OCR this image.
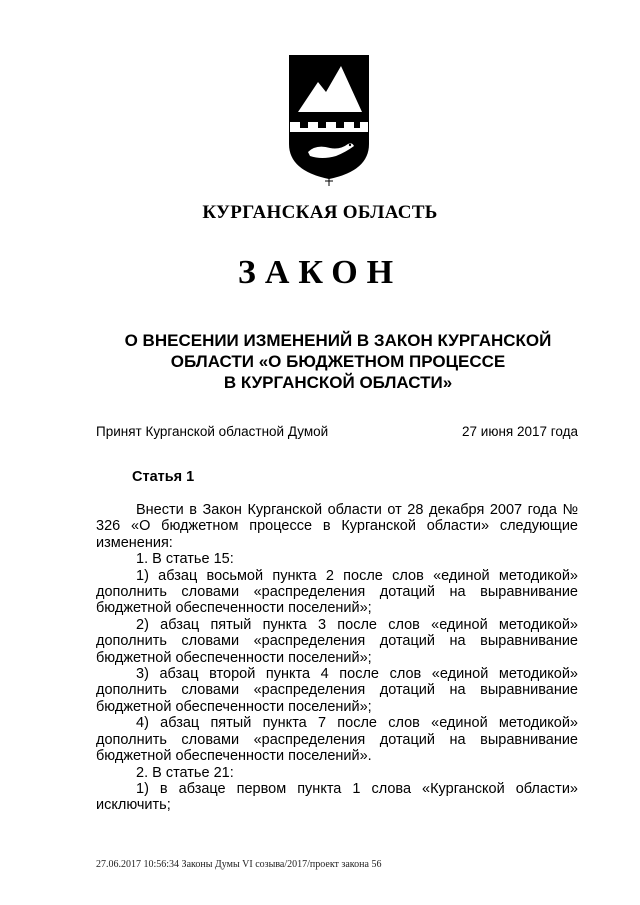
КУРГАНСКАЯ ОБЛАСТЬ
ЗАКОН
О ВНЕСЕНИИ ИЗМЕНЕНИЙ В ЗАКОН КУРГАНСКОЙ
ОБЛАСТИ «О БЮДЖЕТНОМ ПРОЦЕССЕ
В КУРГАНСКОЙ ОБЛАСТИ»
Принят Курганской областной Думой	27 июня 2017 года
Статья 1

Внести в Закон Курганской области от 28 декабря 2007 года № 326 «О бюджетном процессе в Курганской области» следующие изменения:

1. В статье 15:

1) абзац восьмой пункта 2 после слов «единой методикой» дополнить словами «распределения дотаций на выравнивание бюджетной обеспеченности поселений»;

2) абзац пятый пункта 3 после слов «единой методикой» дополнить словами «распределения дотаций на выравнивание бюджетной обеспеченности поселений»;

3) абзац второй пункта 4 после слов «единой методикой» дополнить словами «распределения дотаций на выравнивание бюджетной обеспеченности поселений»;

4) абзац пятый пункта 7 после слов «единой методикой» дополнить словами «распределения дотаций на выравнивание бюджетной обеспеченности поселений».

2. В статье 21:

1) в абзаце первом пункта 1 слова «Курганской области» исключить;

27.06.2017 10:56:34 Законы Думы VI созыва/2017/проект закона 56
